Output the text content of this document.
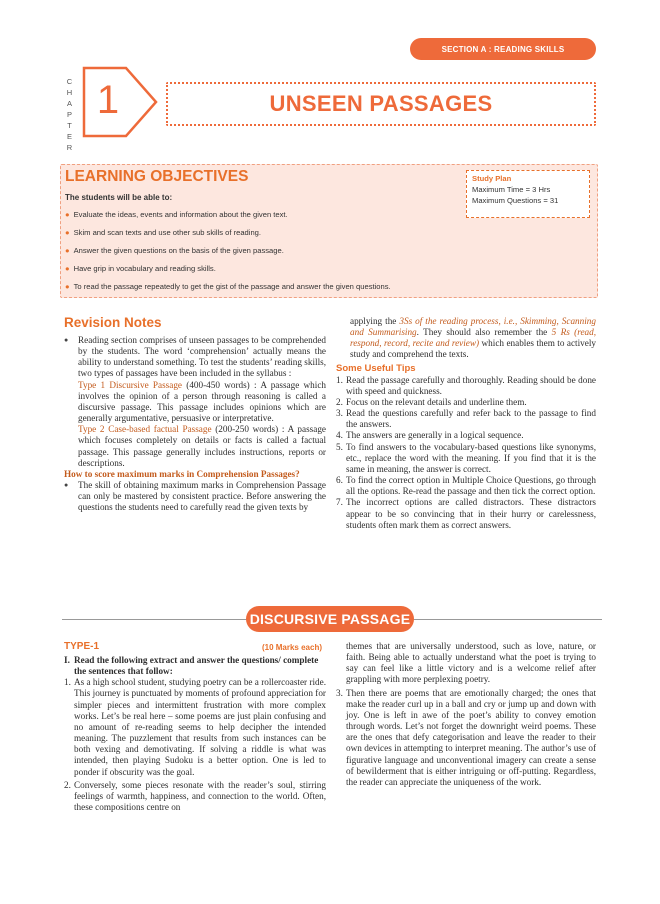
SECTION A : READING SKILLS
C
H
A
P
T
E
R
1	UNSEEN PASSAGES
LEARNING OBJECTIVES
The students will be able to:
● Evaluate the ideas, events and information about the given text.
● Skim and scan texts and use other sub skills of reading.
● Answer the given questions on the basis of the given passage.
● Have grip in vocabulary and reading skills.
● To read the passage repeatedly to get the gist of the passage and answer the given questions.
Study Plan
Maximum Time = 3 Hrs
Maximum Questions = 31
Revision Notes

● Reading section comprises of unseen passages to be comprehended by the students. The word ‘comprehension’ actually means the ability to understand something. To test the students’ reading skills, two types of passages have been included in the syllabus :

Type 1 Discursive Passage (400-450 words) : A passage which involves the opinion of a person through reasoning is called a discursive passage. This passage includes opinions which are generally argumentative, persuasive or interpretative.

Type 2 Case-based factual Passage (200-250 words) : A passage which focuses completely on details or facts is called a factual passage. This passage generally includes instructions, reports or descriptions.

How to score maximum marks in Comprehension Passages?

● The skill of obtaining maximum marks in Comprehension Passage can only be mastered by consistent practice. Before answering the questions the students need to carefully read the given texts by

applying the 3Ss of the reading process, i.e., Skimming, Scanning and Summarising. They should also remember the 5 Rs (read, respond, record, recite and review) which enables them to actively study and comprehend the texts.

Some Useful Tips

1. Read the passage carefully and thoroughly. Reading should be done with speed and quickness.

2. Focus on the relevant details and underline them.

3. Read the questions carefully and refer back to the passage to find the answers.

4. The answers are generally in a logical sequence.

5. To find answers to the vocabulary-based questions like synonyms, etc., replace the word with the meaning. If you find that it is the same in meaning, the answer is correct.

6. To find the correct option in Multiple Choice Questions, go through all the options. Re-read the passage and then tick the correct option.

7. The incorrect options are called distractors. These distractors appear to be so convincing that in their hurry or carelessness, students often mark them as correct answers.

DISCURSIVE PASSAGE
TYPE-1	(10 Marks each)

I. Read the following extract and answer the questions/ complete the sentences that follow:

1. As a high school student, studying poetry can be a rollercoaster ride. This journey is punctuated by moments of profound appreciation for simpler pieces and intermittent frustration with more complex works. Let’s be real here – some poems are just plain confusing and no amount of re-reading seems to help decipher the intended meaning. The puzzlement that results from such instances can be both vexing and demotivating. If solving a riddle is what was intended, then playing Sudoku is a better option. One is led to ponder if obscurity was the goal.

2. Conversely, some pieces resonate with the reader’s soul, stirring feelings of warmth, happiness, and connection to the world. Often, these compositions centre on

themes that are universally understood, such as love, nature, or faith. Being able to actually understand what the poet is trying to say can feel like a little victory and is a welcome relief after grappling with more perplexing poetry.

3. Then there are poems that are emotionally charged; the ones that make the reader curl up in a ball and cry or jump up and down with joy. One is left in awe of the poet’s ability to convey emotion through words. Let’s not forget the downright weird poems. These are the ones that defy categorisation and leave the reader to their own devices in attempting to interpret meaning. The author’s use of figurative language and unconventional imagery can create a sense of bewilderment that is either intriguing or off-putting. Regardless, the reader can appreciate the uniqueness of the work.
